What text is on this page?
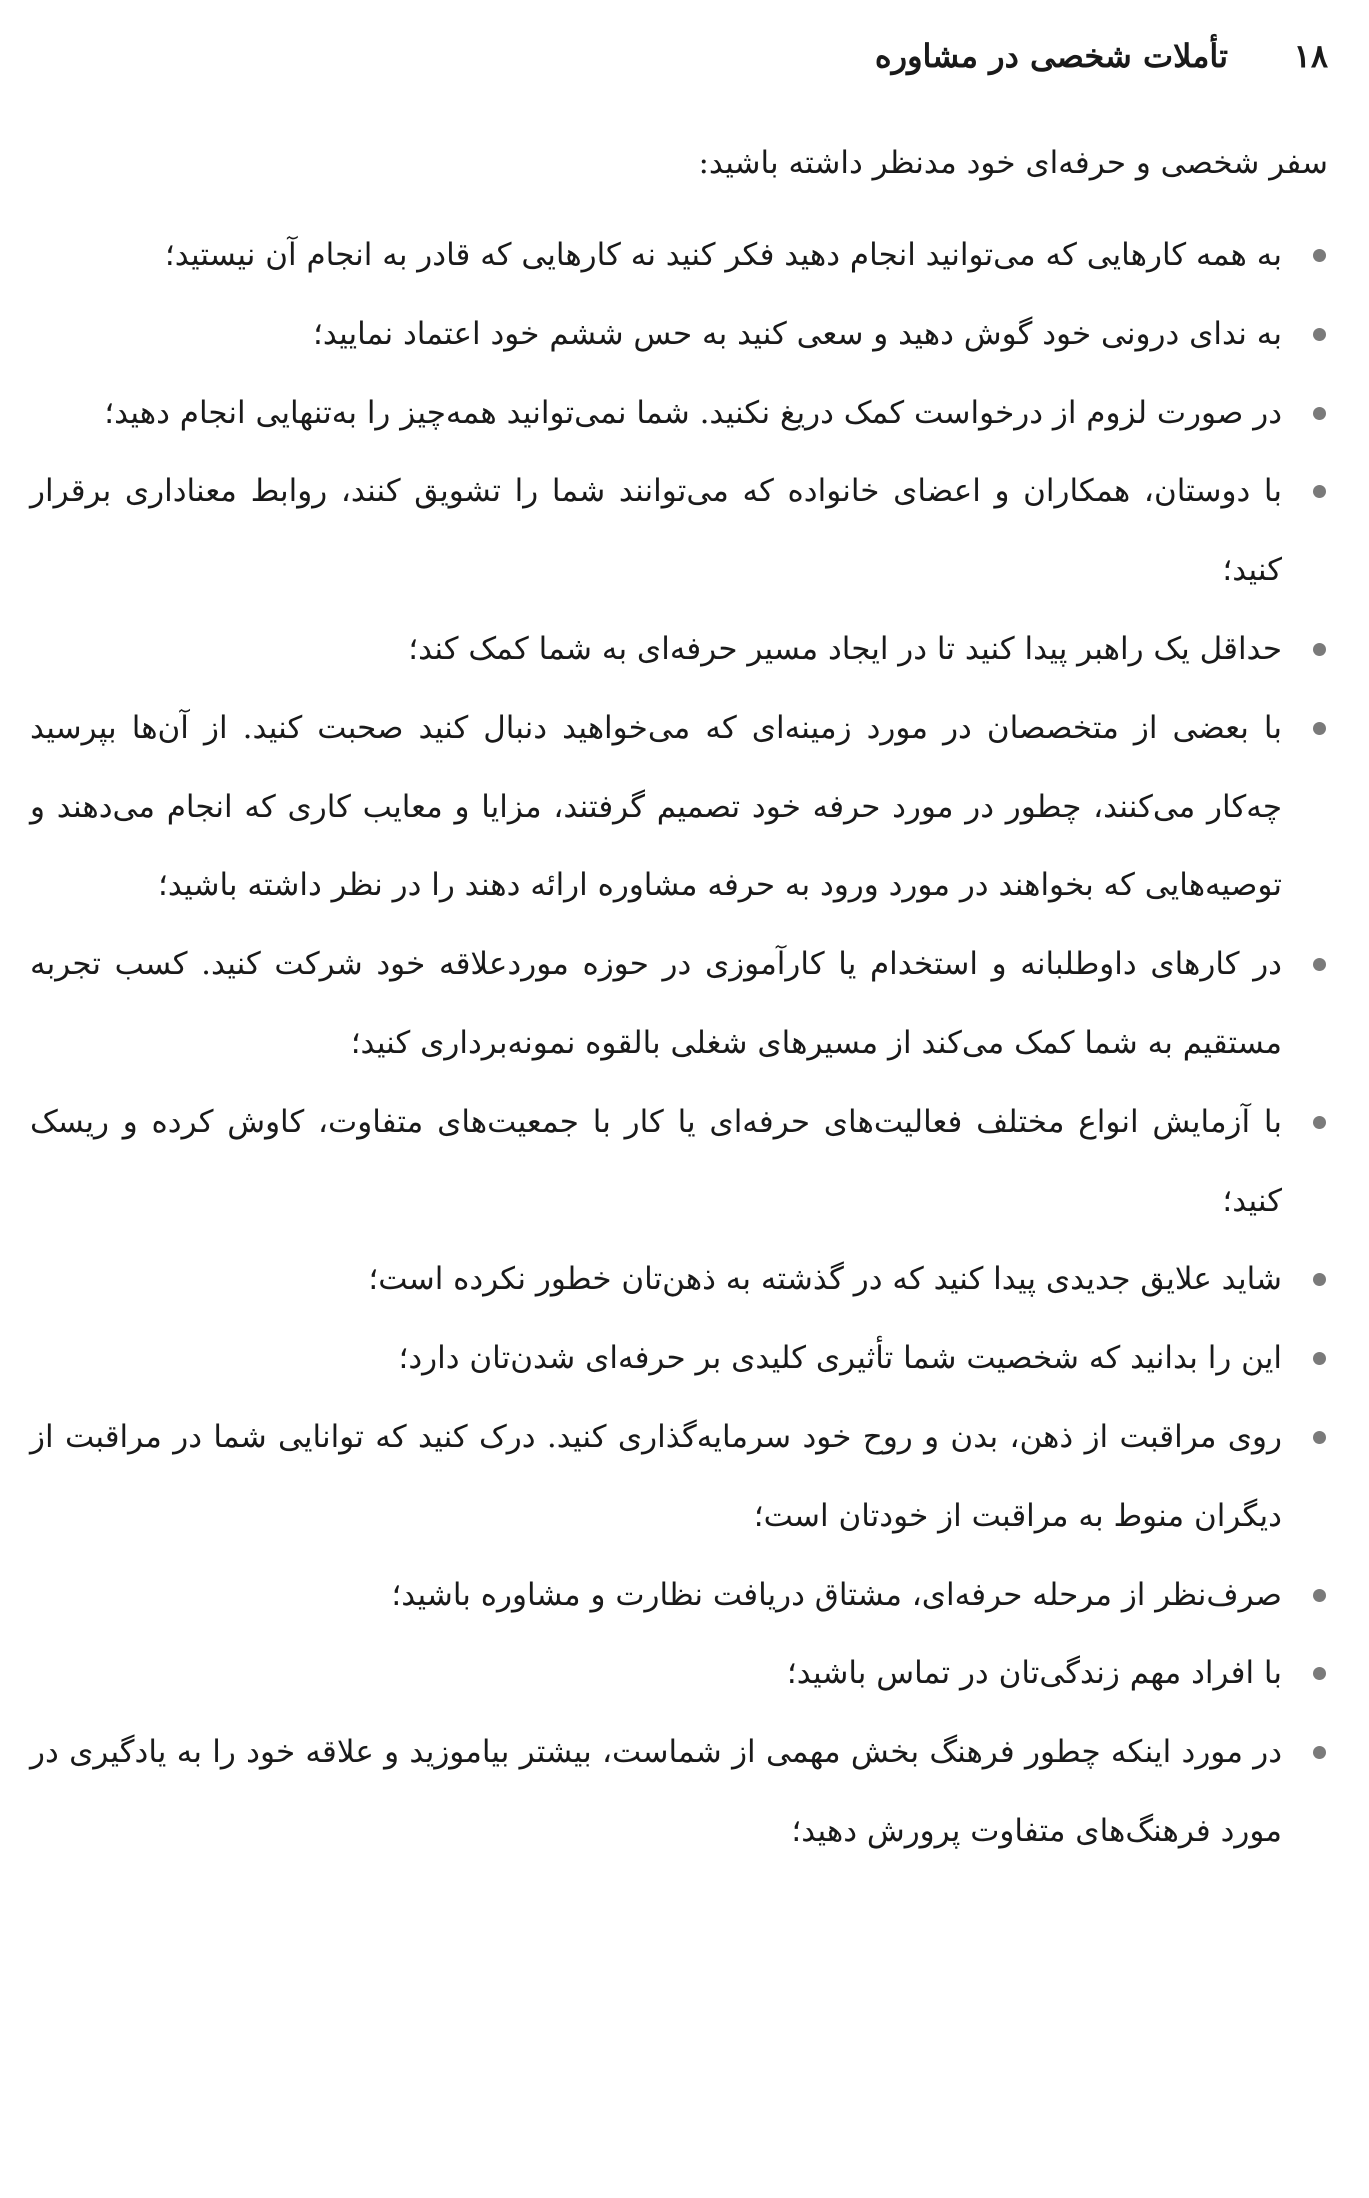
۱۸
تأملات شخصی در مشاوره
سفر شخصی و حرفه‌ای خود مدنظر داشته باشید:
به همه کارهایی که می‌توانید انجام دهید فکر کنید نه کارهایی که قادر به انجام آن نیستید؛
به ندای درونی خود گوش دهید و سعی کنید به حس ششم خود اعتماد نمایید؛
در صورت لزوم از درخواست کمک دریغ نکنید. شما نمی‌توانید همه‌چیز را به‌تنهایی انجام دهید؛
با دوستان، همکاران و اعضای خانواده که می‌توانند شما را تشویق کنند، روابط معناداری برقرار کنید؛
حداقل یک راهبر پیدا کنید تا در ایجاد مسیر حرفه‌ای به شما کمک کند؛
با بعضی از متخصصان در مورد زمینه‌ای که می‌خواهید دنبال کنید صحبت کنید. از آن‌ها بپرسید چه‌کار می‌کنند، چطور در مورد حرفه خود تصمیم گرفتند، مزایا و معایب کاری که انجام می‌دهند و توصیه‌هایی که بخواهند در مورد ورود به حرفه مشاوره ارائه دهند را در نظر داشته باشید؛
در کارهای داوطلبانه و استخدام یا کارآموزی در حوزه موردعلاقه خود شرکت کنید. کسب تجربه مستقیم به شما کمک می‌کند از مسیرهای شغلی بالقوه نمونه‌برداری کنید؛
با آزمایش انواع مختلف فعالیت‌های حرفه‌ای یا کار با جمعیت‌های متفاوت، کاوش کرده و ریسک کنید؛
شاید علایق جدیدی پیدا کنید که در گذشته به ذهن‌تان خطور نکرده است؛
این را بدانید که شخصیت شما تأثیری کلیدی بر حرفه‌ای شدن‌تان دارد؛
روی مراقبت از ذهن، بدن و روح خود سرمایه‌گذاری کنید. درک کنید که توانایی شما در مراقبت از دیگران منوط به مراقبت از خودتان است؛
صرف‌نظر از مرحله حرفه‌ای، مشتاق دریافت نظارت و مشاوره باشید؛
با افراد مهم زندگی‌تان در تماس باشید؛
در مورد اینکه چطور فرهنگ بخش مهمی از شماست، بیشتر بیاموزید و علاقه خود را به یادگیری در مورد فرهنگ‌های متفاوت پرورش دهید؛
